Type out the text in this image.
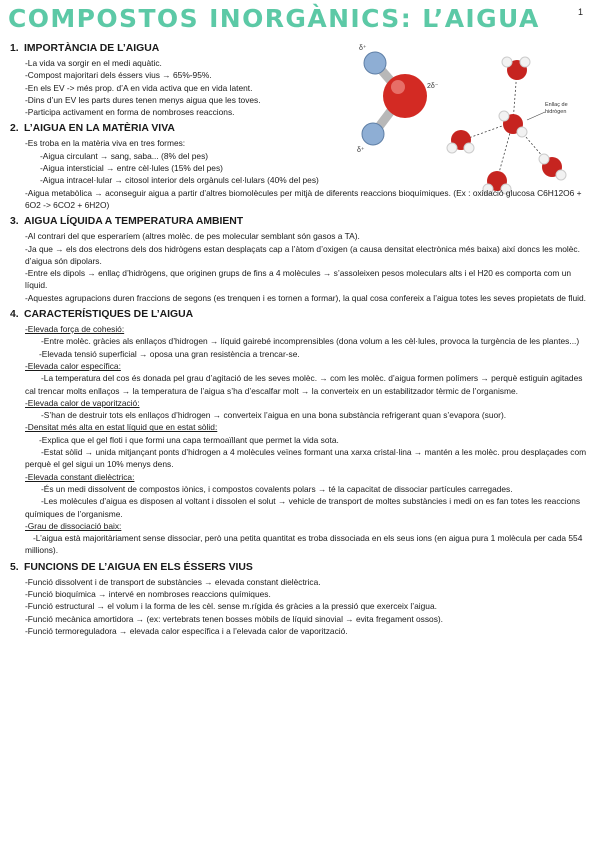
COMPOSTOS INORGÀNICS: L’AIGUA	1
δ⁺
δ⁺
2δ⁻
Enllaç de hidrògen
1. IMPORTÀNCIA DE L’AIGUA
-La vida va sorgir en el medi aquàtic.
-Compost majoritari dels éssers vius → 65%-95%.
-En els EV -> més prop. d’A en vida activa que en vida latent.
-Dins d’un EV les parts dures tenen menys aigua que les toves.
-Participa activament en forma de nombroses reaccions.
2. L’AIGUA EN LA MATÈRIA VIVA
-Es troba en la matèria viva en tres formes:
-Aigua circulant → sang, saba... (8% del pes)
-Aigua intersticial → entre cèl·lules (15% del pes)
-Aigua intracel·lular → citosol interior dels orgànuls cel·lulars (40% del pes)
-Aigua metabòlica → aconseguir aigua a partir d’altres biomolècules per mitjà de diferents reaccions bioquímiques. (Ex : oxidació glucosa C6H12O6 + 6O2 -> 6CO2 + 6H2O)
3. AIGUA LÍQUIDA A TEMPERATURA AMBIENT
-Al contrari del que esperaríem (altres molèc. de pes molecular semblant són gasos a TA).
-Ja que → els dos electrons dels dos hidrògens estan desplaçats cap a l’àtom d’oxigen (a causa densitat electrònica més baixa) així doncs les molèc. d’aigua són dipolars.
-Entre els dipols → enllaç d’hidrògens, que originen grups de fins a 4 molècules → s’assoleixen pesos moleculars alts i el H20 es comporta com un líquid.
-Aquestes agrupacions duren fraccions de segons (es trenquen i es tornen a formar), la qual cosa confereix a l’aigua totes les seves propietats de fluid.
4. CARACTERÍSTIQUES DE L’AIGUA
-Elevada força de cohesió:
-Entre molèc. gràcies als enllaços d’hidrogen → líquid gairebé incomprensibles (dona volum a les cèl·lules, provoca la turgència de les plantes...)
-Elevada tensió superficial → oposa una gran resistència a trencar-se.
-Elevada calor específica:
-La temperatura del cos és donada pel grau d’agitació de les seves molèc. → com les molèc. d’aigua formen polímers → perquè estiguin agitades cal trencar molts enllaços → la temperatura de l’aigua s’ha d’escalfar molt → la converteix en un estabilitzador tèrmic de l’organisme.
-Elevada calor de vaporització:
-S’han de destruir tots els enllaços d’hidrogen → converteix l’aigua en una bona substància refrigerant quan s’evapora (suor).
-Densitat més alta en estat líquid que en estat sòlid:
-Explica que el gel floti i que formi una capa termoaïllant que permet la vida sota.
-Estat sòlid → unida mitjançant ponts d’hidrogen a 4 molècules veïnes formant una xarxa cristal·lina → mantén a les molèc. prou desplaçades com perquè el gel sigui un 10% menys dens.
-Elevada constant dielèctrica:
-És un medi dissolvent de compostos iònics, i compostos covalents polars → té la capacitat de dissociar partícules carregades.
-Les molècules d’aigua es disposen al voltant i dissolen el solut → vehicle de transport de moltes substàncies i medi on es fan totes les reaccions químiques de l’organisme.
-Grau de dissociació baix:
-L’aigua està majoritàriament sense dissociar, però una petita quantitat es troba dissociada en els seus ions (en aigua pura 1 molècula per cada 554 millions).
5. FUNCIONS DE L’AIGUA EN ELS ÉSSERS VIUS
-Funció dissolvent i de transport de substàncies → elevada constant dielèctrica.
-Funció bioquímica → intervé en nombroses reaccions químiques.
-Funció estructural → el volum i la forma de les cèl. sense m.rígida és gràcies a la pressió que exerceix l’aigua.
-Funció mecànica amortidora → (ex: vertebrats tenen bosses mòbils de líquid sinovial → evita fregament ossos).
-Funció termoreguladora → elevada calor específica i a l’elevada calor de vaporització.
